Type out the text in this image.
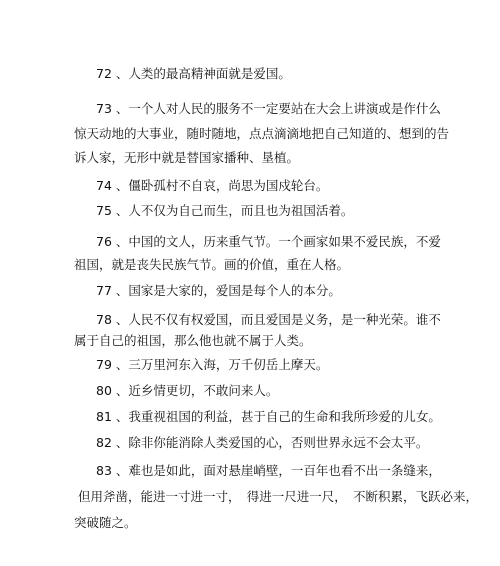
72 、人类的最高精神面就是爱国。
73 、一个人对人民的服务不一定要站在大会上讲演或是作什么
惊天动地的大事业，随时随地，点点滴滴地把自己知道的、想到的告
诉人家，无形中就是替国家播种、垦植。
74 、僵卧孤村不自哀，尚思为国戍轮台。
75 、人不仅为自己而生，而且也为祖国活着。
76 、中国的文人，历来重气节。一个画家如果不爱民族，不爱
祖国，就是丧失民族气节。画的价值，重在人格。
77 、国家是大家的，爱国是每个人的本分。
78 、人民不仅有权爱国，而且爱国是义务，是一种光荣。谁不
属于自己的祖国，那么他也就不属于人类。
79 、三万里河东入海，万千仞岳上摩天。
80 、近乡情更切，不敢问来人。
81 、我重视祖国的利益，甚于自己的生命和我所珍爱的儿女。
82 、除非你能消除人类爱国的心，否则世界永远不会太平。
83 、难也是如此，面对悬崖峭壁，一百年也看不出一条缝来，
但用斧凿，能进一寸进一寸，　得进一尺进一尺，　不断积累，飞跃必来，
突破随之。
